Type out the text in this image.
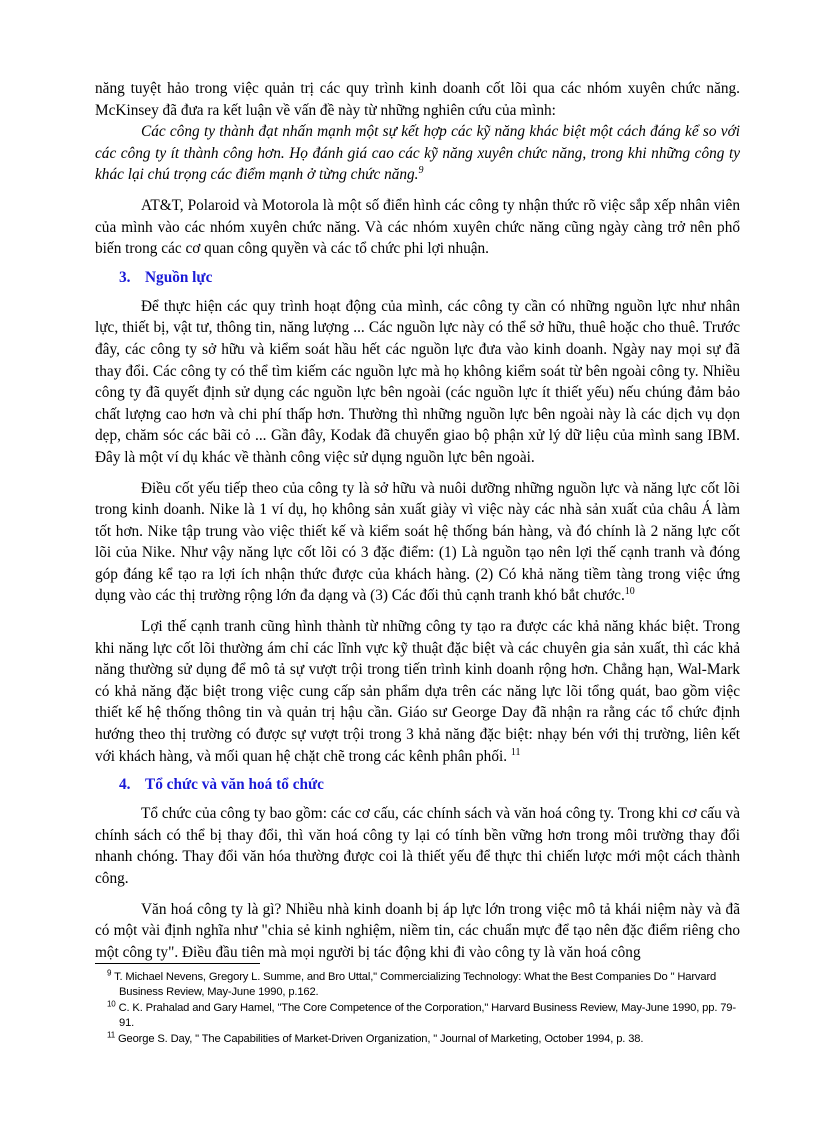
năng tuyệt hảo trong việc quản trị các quy trình kinh doanh cốt lõi qua các nhóm xuyên chức năng. McKinsey đã đưa ra kết luận về vấn đề này từ những nghiên cứu của mình:

Các công ty thành đạt nhấn mạnh một sự kết hợp các kỹ năng khác biệt một cách đáng kể so với các công ty ít thành công hơn. Họ đánh giá cao các kỹ năng xuyên chức năng, trong khi những công ty khác lại chú trọng các điểm mạnh ở từng chức năng.$^9$

AT&T, Polaroid và Motorola là một số điển hình các công ty nhận thức rõ việc sắp xếp nhân viên của mình vào các nhóm xuyên chức năng. Và các nhóm xuyên chức năng cũng ngày càng trở nên phổ biến trong các cơ quan công quyền và các tổ chức phi lợi nhuận.

3. Nguồn lực

Để thực hiện các quy trình hoạt động của mình, các công ty cần có những nguồn lực như nhân lực, thiết bị, vật tư, thông tin, năng lượng ... Các nguồn lực này có thể sở hữu, thuê hoặc cho thuê. Trước đây, các công ty sở hữu và kiểm soát hầu hết các nguồn lực đưa vào kinh doanh. Ngày nay mọi sự đã thay đổi. Các công ty có thể tìm kiếm các nguồn lực mà họ không kiểm soát từ bên ngoài công ty. Nhiều công ty đã quyết định sử dụng các nguồn lực bên ngoài (các nguồn lực ít thiết yếu) nếu chúng đảm bảo chất lượng cao hơn và chi phí thấp hơn. Thường thì những nguồn lực bên ngoài này là các dịch vụ dọn dẹp, chăm sóc các bãi cỏ ... Gần đây, Kodak đã chuyển giao bộ phận xử lý dữ liệu của mình sang IBM. Đây là một ví dụ khác về thành công việc sử dụng nguồn lực bên ngoài.

Điều cốt yếu tiếp theo của công ty là sở hữu và nuôi dưỡng những nguồn lực và năng lực cốt lõi trong kinh doanh. Nike là 1 ví dụ, họ không sản xuất giày vì việc này các nhà sản xuất của châu Á làm tốt hơn. Nike tập trung vào việc thiết kế và kiểm soát hệ thống bán hàng, và đó chính là 2 năng lực cốt lõi của Nike. Như vậy năng lực cốt lõi có 3 đặc điểm: (1) Là nguồn tạo nên lợi thế cạnh tranh và đóng góp đáng kể tạo ra lợi ích nhận thức được của khách hàng. (2) Có khả năng tiềm tàng trong việc ứng dụng vào các thị trường rộng lớn đa dạng và (3) Các đối thủ cạnh tranh khó bắt chước.$^{10}$

Lợi thế cạnh tranh cũng hình thành từ những công ty tạo ra được các khả năng khác biệt. Trong khi năng lực cốt lõi thường ám chỉ các lĩnh vực kỹ thuật đặc biệt và các chuyên gia sản xuất, thì các khả năng thường sử dụng để mô tả sự vượt trội trong tiến trình kinh doanh rộng hơn. Chẳng hạn, Wal-Mark có khả năng đặc biệt trong việc cung cấp sản phẩm dựa trên các năng lực lõi tổng quát, bao gồm việc thiết kế hệ thống thông tin và quản trị hậu cần. Giáo sư George Day đã nhận ra rằng các tổ chức định hướng theo thị trường có được sự vượt trội trong 3 khả năng đặc biệt: nhạy bén với thị trường, liên kết với khách hàng, và mối quan hệ chặt chẽ trong các kênh phân phối. $^{11}$

4. Tổ chức và văn hoá tổ chức

Tổ chức của công ty bao gồm: các cơ cấu, các chính sách và văn hoá công ty. Trong khi cơ cấu và chính sách có thể bị thay đổi, thì văn hoá công ty lại có tính bền vững hơn trong môi trường thay đổi nhanh chóng. Thay đổi văn hóa thường được coi là thiết yếu để thực thi chiến lược mới một cách thành công.

Văn hoá công ty là gì? Nhiều nhà kinh doanh bị áp lực lớn trong việc mô tả khái niệm này và đã có một vài định nghĩa như "chia sẻ kinh nghiệm, niềm tin, các chuẩn mực để tạo nên đặc điểm riêng cho một công ty". Điều đầu tiên mà mọi người bị tác động khi đi vào công ty là văn hoá công

$^9$ T. Michael Nevens, Gregory L. Summe, and Bro Uttal," Commercializing Technology: What the Best Companies Do " Harvard Business Review, May-June 1990, p.162.

$^{10}$ C. K. Prahalad and Gary Hamel, "The Core Competence of the Corporation," Harvard Business Review, May-June 1990, pp. 79-91.

$^{11}$ George S. Day, " The Capabilities of Market-Driven Organization, " Journal of Marketing, October 1994, p. 38.
